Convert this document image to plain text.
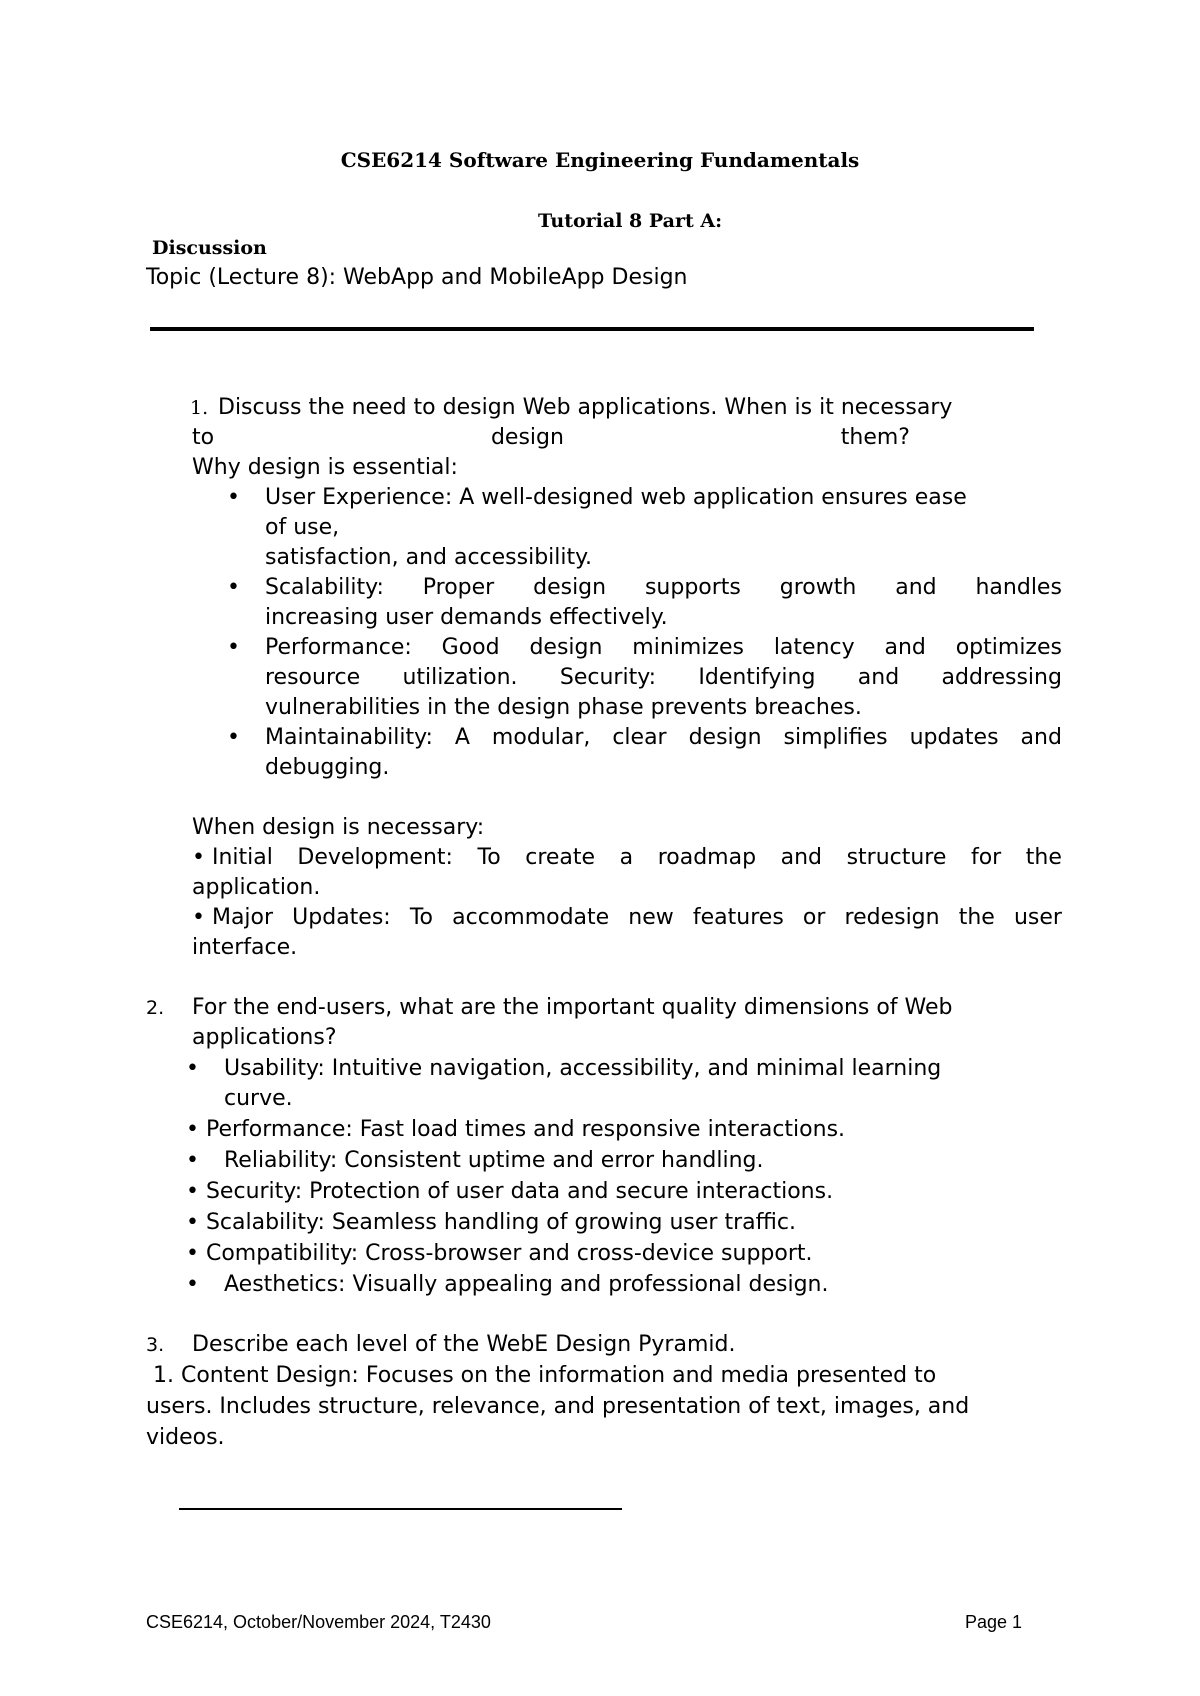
CSE6214 Software Engineering Fundamentals
Tutorial 8 Part A:
Discussion
Topic (Lecture 8): WebApp and MobileApp Design
1. Discuss the need to design Web applications. When is it necessary
to	design	them?
Why design is essential:
• User Experience: A well-designed web application ensures ease
of use,
satisfaction, and accessibility.
• Scalability: Proper design supports growth and handles
increasing user demands effectively.
• Performance: Good design minimizes latency and optimizes
resource utilization. Security: Identifying and addressing
vulnerabilities in the design phase prevents breaches.
• Maintainability: A modular, clear design simplifies updates and
debugging.
When design is necessary:
• Initial Development: To create a roadmap and structure for the
application.
• Major Updates: To accommodate new features or redesign the user
interface.
2. For the end-users, what are the important quality dimensions of Web
applications?
• Usability: Intuitive navigation, accessibility, and minimal learning
curve.
• Performance: Fast load times and responsive interactions.
• Reliability: Consistent uptime and error handling.
• Security: Protection of user data and secure interactions.
• Scalability: Seamless handling of growing user traffic.
• Compatibility: Cross-browser and cross-device support.
• Aesthetics: Visually appealing and professional design.
3. Describe each level of the WebE Design Pyramid.
1. Content Design: Focuses on the information and media presented to
users. Includes structure, relevance, and presentation of text, images, and
videos.
CSE6214, October/November 2024, T2430	Page 1
